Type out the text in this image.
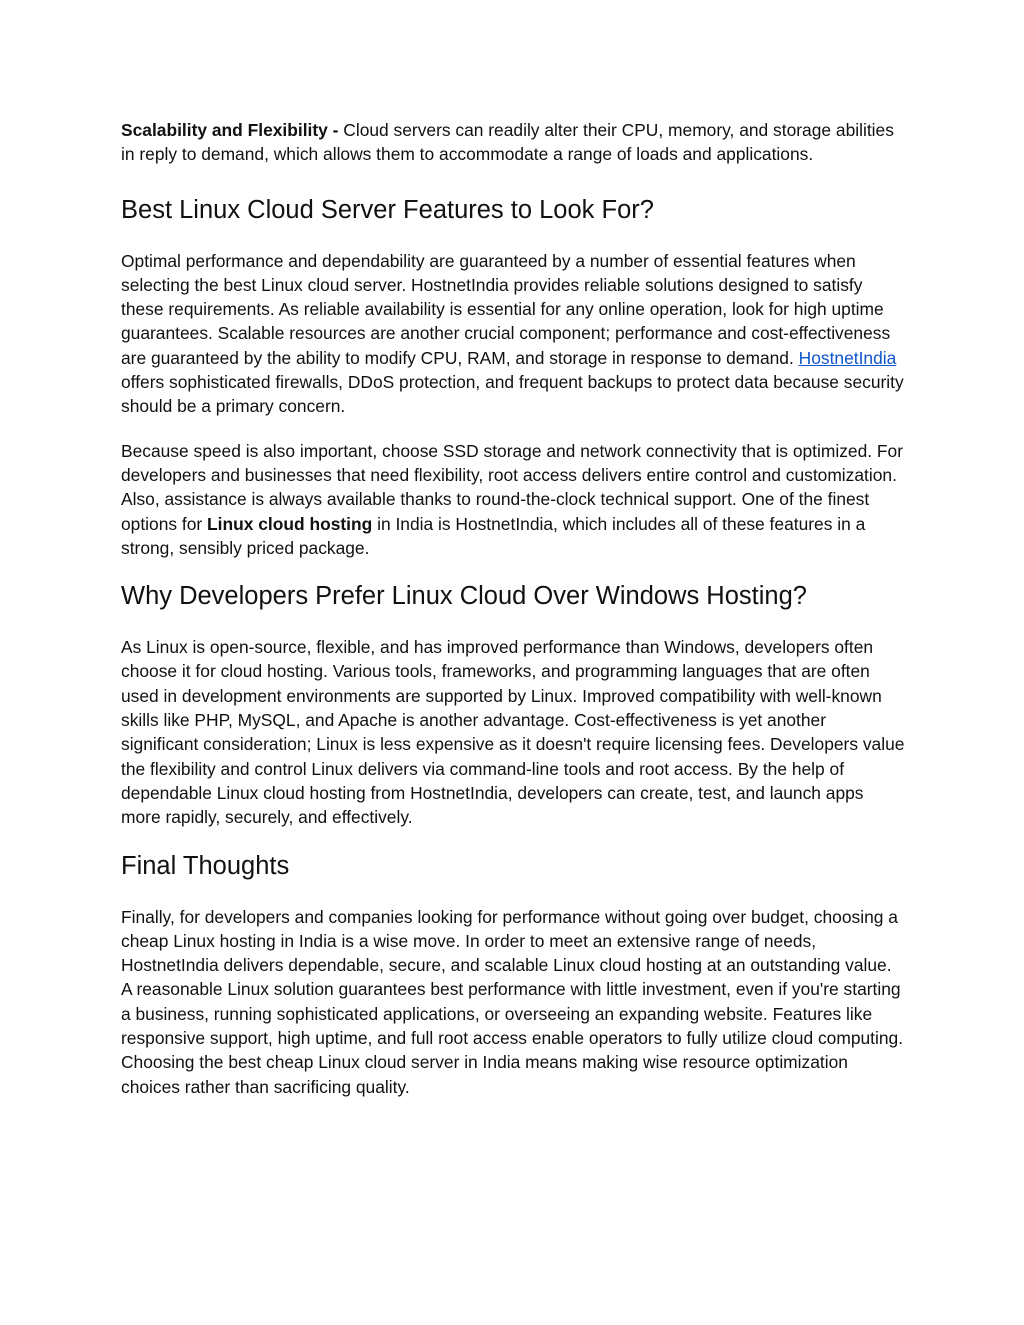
Scalability and Flexibility - Cloud servers can readily alter their CPU, memory, and storage abilities in reply to demand, which allows them to accommodate a range of loads and applications.

Best Linux Cloud Server Features to Look For?

Optimal performance and dependability are guaranteed by a number of essential features when selecting the best Linux cloud server. HostnetIndia provides reliable solutions designed to satisfy these requirements. As reliable availability is essential for any online operation, look for high uptime guarantees. Scalable resources are another crucial component; performance and cost-effectiveness are guaranteed by the ability to modify CPU, RAM, and storage in response to demand. HostnetIndia offers sophisticated firewalls, DDoS protection, and frequent backups to protect data because security should be a primary concern.

Because speed is also important, choose SSD storage and network connectivity that is optimized. For developers and businesses that need flexibility, root access delivers entire control and customization. Also, assistance is always available thanks to round-the-clock technical support. One of the finest options for Linux cloud hosting in India is HostnetIndia, which includes all of these features in a strong, sensibly priced package.

Why Developers Prefer Linux Cloud Over Windows Hosting?

As Linux is open-source, flexible, and has improved performance than Windows, developers often choose it for cloud hosting. Various tools, frameworks, and programming languages that are often used in development environments are supported by Linux. Improved compatibility with well-known skills like PHP, MySQL, and Apache is another advantage. Cost-effectiveness is yet another significant consideration; Linux is less expensive as it doesn't require licensing fees. Developers value the flexibility and control Linux delivers via command-line tools and root access. By the help of dependable Linux cloud hosting from HostnetIndia, developers can create, test, and launch apps more rapidly, securely, and effectively.

Final Thoughts

Finally, for developers and companies looking for performance without going over budget, choosing a cheap Linux hosting in India is a wise move. In order to meet an extensive range of needs, HostnetIndia delivers dependable, secure, and scalable Linux cloud hosting at an outstanding value. A reasonable Linux solution guarantees best performance with little investment, even if you're starting a business, running sophisticated applications, or overseeing an expanding website. Features like responsive support, high uptime, and full root access enable operators to fully utilize cloud computing. Choosing the best cheap Linux cloud server in India means making wise resource optimization choices rather than sacrificing quality.
